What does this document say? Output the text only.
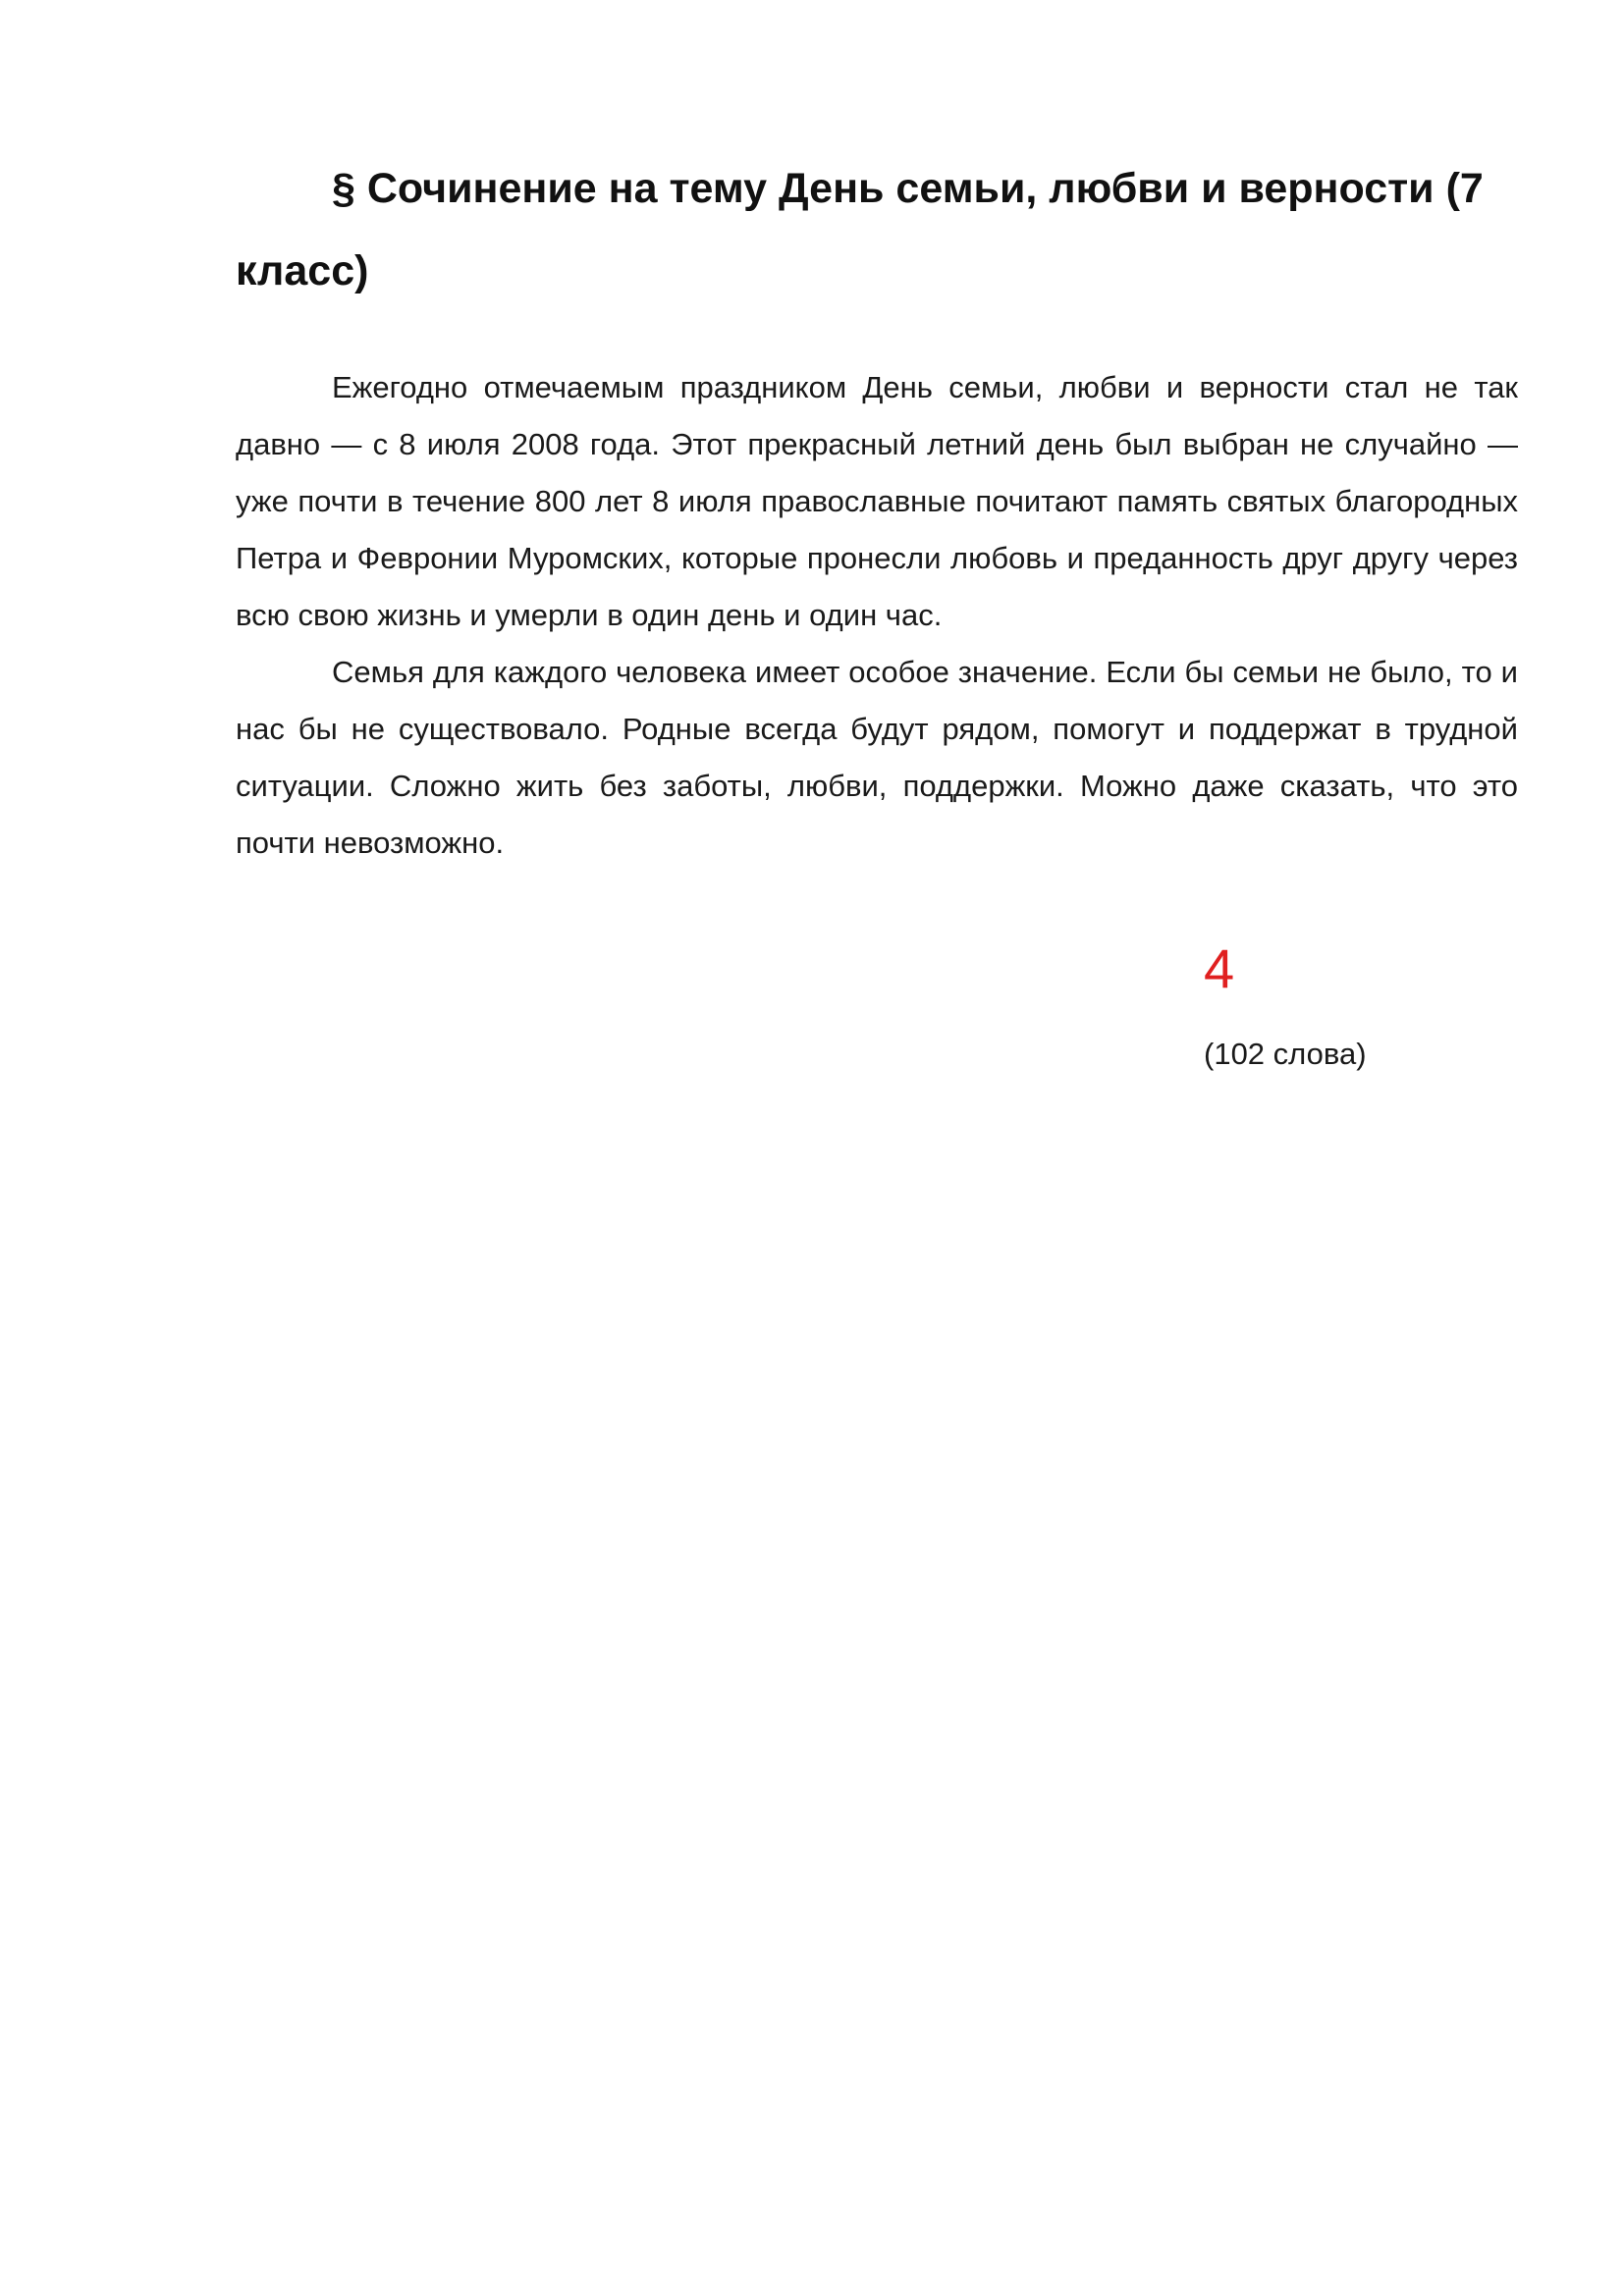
§ Сочинение на тему День семьи, любви и верности (7 класс)

Ежегодно отмечаемым праздником День семьи, любви и верности стал не так давно — с 8 июля 2008 года. Этот прекрасный летний день был выбран не случайно — уже почти в течение 800 лет 8 июля православные почитают память святых благородных Петра и Февронии Муромских, которые пронесли любовь и преданность друг другу через всю свою жизнь и умерли в один день и один час.

Семья для каждого человека имеет особое значение. Если бы семьи не было, то и нас бы не существовало. Родные всегда будут рядом, помогут и поддержат в трудной ситуации. Сложно жить без заботы, любви, поддержки. Можно даже сказать, что это почти невозможно.

4

(102 слова)
